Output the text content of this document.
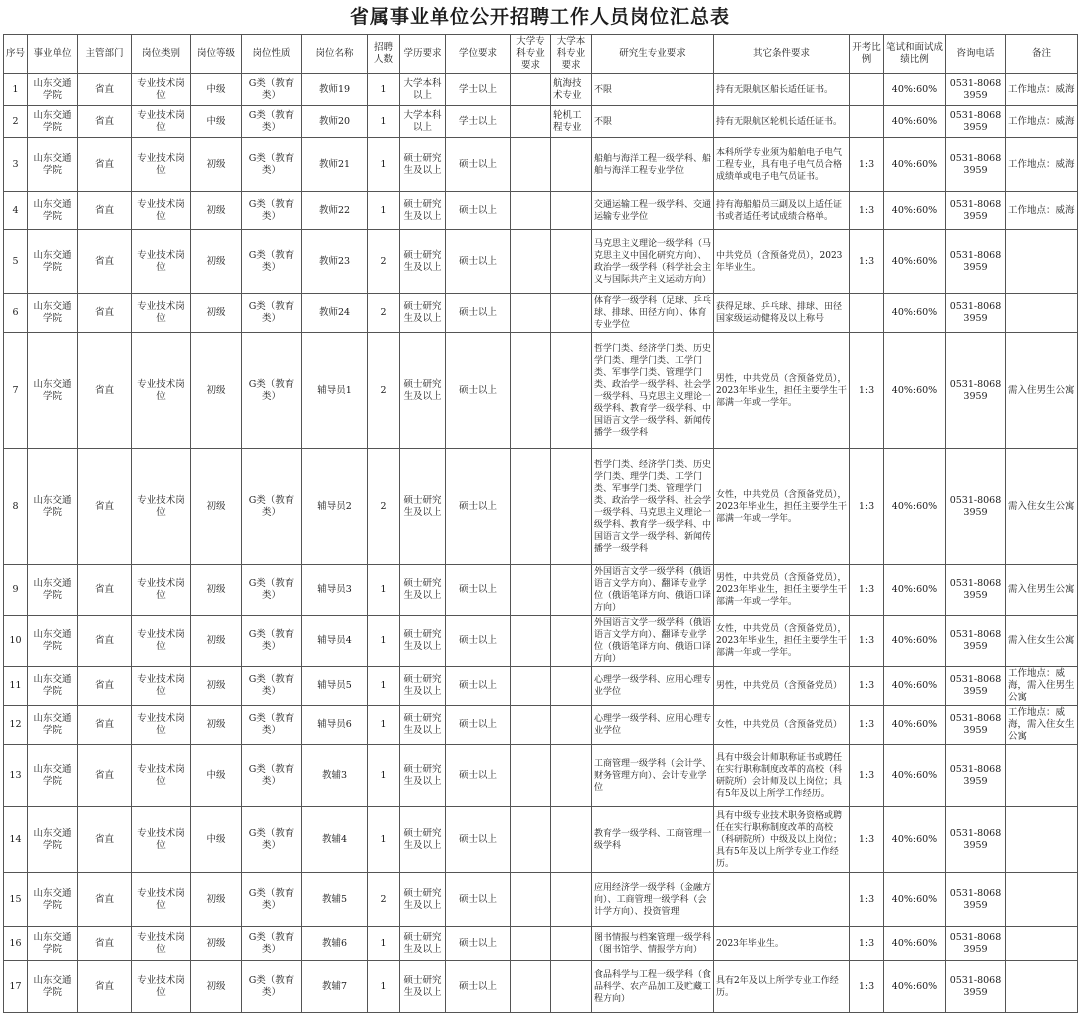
省属事业单位公开招聘工作人员岗位汇总表
序号	事业单位	主管部门	岗位类别	岗位等级	岗位性质	岗位名称	招聘人数	学历要求	学位要求	大学专科专业要求	大学本科专业要求	研究生专业要求	其它条件要求	开考比例	笔试和面试成绩比例	咨询电话	备注
1	山东交通学院	省直	专业技术岗位	中级	G类（教育类）	教师19	1	大学本科以上	学士以上		航海技术专业	不限	持有无限航区船长适任证书。		40%:60%	0531-80683959	工作地点：威海
2	山东交通学院	省直	专业技术岗位	中级	G类（教育类）	教师20	1	大学本科以上	学士以上		轮机工程专业	不限	持有无限航区轮机长适任证书。		40%:60%	0531-80683959	工作地点：威海
3	山东交通学院	省直	专业技术岗位	初级	G类（教育类）	教师21	1	硕士研究生及以上	硕士以上			船舶与海洋工程一级学科、船舶与海洋工程专业学位	本科所学专业须为船舶电子电气工程专业，具有电子电气员合格成绩单或电子电气员证书。	1:3	40%:60%	0531-80683959	工作地点：威海
4	山东交通学院	省直	专业技术岗位	初级	G类（教育类）	教师22	1	硕士研究生及以上	硕士以上			交通运输工程一级学科、交通运输专业学位	持有海船船员三副及以上适任证书或者适任考试成绩合格单。	1:3	40%:60%	0531-80683959	工作地点：威海
5	山东交通学院	省直	专业技术岗位	初级	G类（教育类）	教师23	2	硕士研究生及以上	硕士以上			马克思主义理论一级学科（马克思主义中国化研究方向）、政治学一级学科（科学社会主义与国际共产主义运动方向）	中共党员（含预备党员），2023年毕业生。	1:3	40%:60%	0531-80683959	
6	山东交通学院	省直	专业技术岗位	初级	G类（教育类）	教师24	2	硕士研究生及以上	硕士以上			体育学一级学科（足球、乒乓球、排球、田径方向）、体育专业学位	获得足球、乒乓球、排球、田径国家级运动健将及以上称号		40%:60%	0531-80683959	
7	山东交通学院	省直	专业技术岗位	初级	G类（教育类）	辅导员1	2	硕士研究生及以上	硕士以上			哲学门类、经济学门类、历史学门类、理学门类、工学门类、军事学门类、管理学门类、政治学一级学科、社会学一级学科、马克思主义理论一级学科、教育学一级学科、中国语言文学一级学科、新闻传播学一级学科	男性，中共党员（含预备党员），2023年毕业生，担任主要学生干部满一年或一学年。	1:3	40%:60%	0531-80683959	需入住男生公寓
8	山东交通学院	省直	专业技术岗位	初级	G类（教育类）	辅导员2	2	硕士研究生及以上	硕士以上			哲学门类、经济学门类、历史学门类、理学门类、工学门类、军事学门类、管理学门类、政治学一级学科、社会学一级学科、马克思主义理论一级学科、教育学一级学科、中国语言文学一级学科、新闻传播学一级学科	女性，中共党员（含预备党员），2023年毕业生，担任主要学生干部满一年或一学年。	1:3	40%:60%	0531-80683959	需入住女生公寓
9	山东交通学院	省直	专业技术岗位	初级	G类（教育类）	辅导员3	1	硕士研究生及以上	硕士以上			外国语言文学一级学科（俄语语言文学方向）、翻译专业学位（俄语笔译方向、俄语口译方向）	男性，中共党员（含预备党员），2023年毕业生，担任主要学生干部满一年或一学年。	1:3	40%:60%	0531-80683959	需入住男生公寓
10	山东交通学院	省直	专业技术岗位	初级	G类（教育类）	辅导员4	1	硕士研究生及以上	硕士以上			外国语言文学一级学科（俄语语言文学方向）、翻译专业学位（俄语笔译方向、俄语口译方向）	女性，中共党员（含预备党员），2023年毕业生，担任主要学生干部满一年或一学年。	1:3	40%:60%	0531-80683959	需入住女生公寓
11	山东交通学院	省直	专业技术岗位	初级	G类（教育类）	辅导员5	1	硕士研究生及以上	硕士以上			心理学一级学科、应用心理专业学位	男性，中共党员（含预备党员）	1:3	40%:60%	0531-80683959	工作地点：威海，需入住男生公寓
12	山东交通学院	省直	专业技术岗位	初级	G类（教育类）	辅导员6	1	硕士研究生及以上	硕士以上			心理学一级学科、应用心理专业学位	女性，中共党员（含预备党员）	1:3	40%:60%	0531-80683959	工作地点：威海，需入住女生公寓
13	山东交通学院	省直	专业技术岗位	中级	G类（教育类）	教辅3	1	硕士研究生及以上	硕士以上			工商管理一级学科（会计学、财务管理方向）、会计专业学位	具有中级会计师职称证书或聘任在实行职称制度改革的高校（科研院所）会计师及以上岗位；具有5年及以上所学工作经历。	1:3	40%:60%	0531-80683959	
14	山东交通学院	省直	专业技术岗位	中级	G类（教育类）	教辅4	1	硕士研究生及以上	硕士以上			教育学一级学科、工商管理一级学科	具有中级专业技术职务资格或聘任在实行职称制度改革的高校（科研院所）中级及以上岗位；具有5年及以上所学专业工作经历。	1:3	40%:60%	0531-80683959	
15	山东交通学院	省直	专业技术岗位	初级	G类（教育类）	教辅5	2	硕士研究生及以上	硕士以上			应用经济学一级学科（金融方向）、工商管理一级学科（会计学方向）、投资管理		1:3	40%:60%	0531-80683959	
16	山东交通学院	省直	专业技术岗位	初级	G类（教育类）	教辅6	1	硕士研究生及以上	硕士以上			图书情报与档案管理一级学科（图书馆学、情报学方向）	2023年毕业生。	1:3	40%:60%	0531-80683959	
17	山东交通学院	省直	专业技术岗位	初级	G类（教育类）	教辅7	1	硕士研究生及以上	硕士以上			食品科学与工程一级学科（食品科学、农产品加工及贮藏工程方向）	具有2年及以上所学专业工作经历。	1:3	40%:60%	0531-80683959	
